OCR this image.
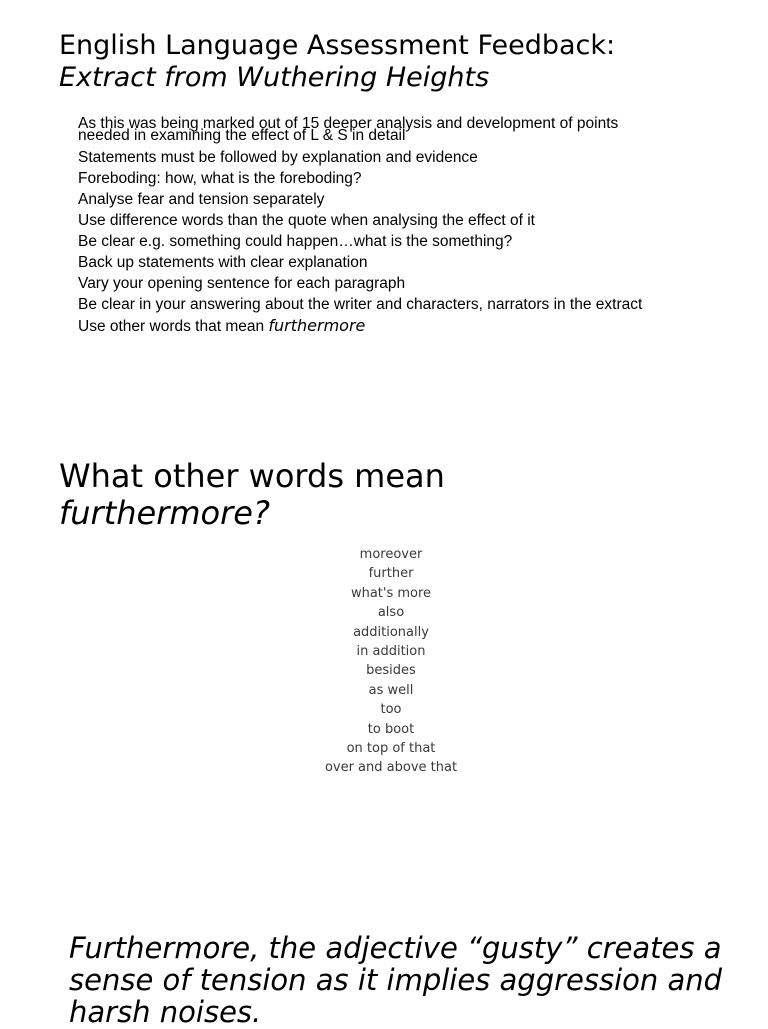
English Language Assessment Feedback:
Extract from Wuthering Heights
As this was being marked out of 15 deeper analysis and development of points
needed in examining the effect of L & S in detail
Statements must be followed by explanation and evidence
Foreboding: how, what is the foreboding?
Analyse fear and tension separately
Use difference words than the quote when analysing the effect of it
Be clear e.g. something could happen…what is the something?
Back up statements with clear explanation
Vary your opening sentence for each paragraph
Be clear in your answering about the writer and characters, narrators in the extract
Use other words that mean furthermore
What other words mean
furthermore?
moreover
further
what's more
also
additionally
in addition
besides
as well
too
to boot
on top of that
over and above that

Furthermore, the adjective “gusty” creates a sense of tension as it implies aggression and harsh noises.
